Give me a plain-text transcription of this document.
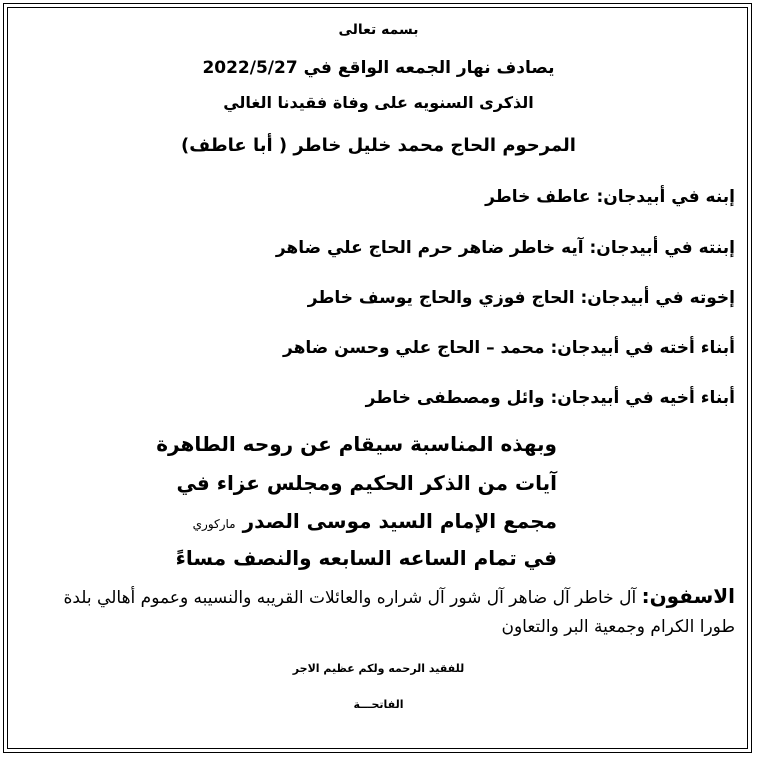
بسمه تعالى
يصادف نهار الجمعه الواقع في 2022/5/27
الذكرى السنويه على وفاة فقيدنا الغالي
المرحوم الحاج محمد خليل خاطر ( أبا عاطف)
إبنه في أبيدجان: عاطف خاطر
إبنته في أبيدجان: آيه خاطر ضاهر حرم الحاج علي ضاهر
إخوته في أبيدجان: الحاج فوزي والحاج يوسف خاطر
أبناء أخته في أبيدجان: محمد – الحاج علي وحسن ضاهر
أبناء أخيه في أبيدجان: وائل ومصطفى خاطر
وبهذه المناسبة سيقام عن روحه الطاهرة
آيات من الذكر الحكيم ومجلس عزاء في
مجمع الإمام السيد موسى الصدر ماركوري
في تمام الساعه السابعه والنصف مساءً
الاسفون: آل خاطر آل ضاهر آل شور آل شراره والعائلات القريبه والنسيبه وعموم أهالي بلدة طورا الكرام وجمعية البر والتعاون
للفقيد الرحمه ولكم عظيم الاجر
الفاتحـــة
